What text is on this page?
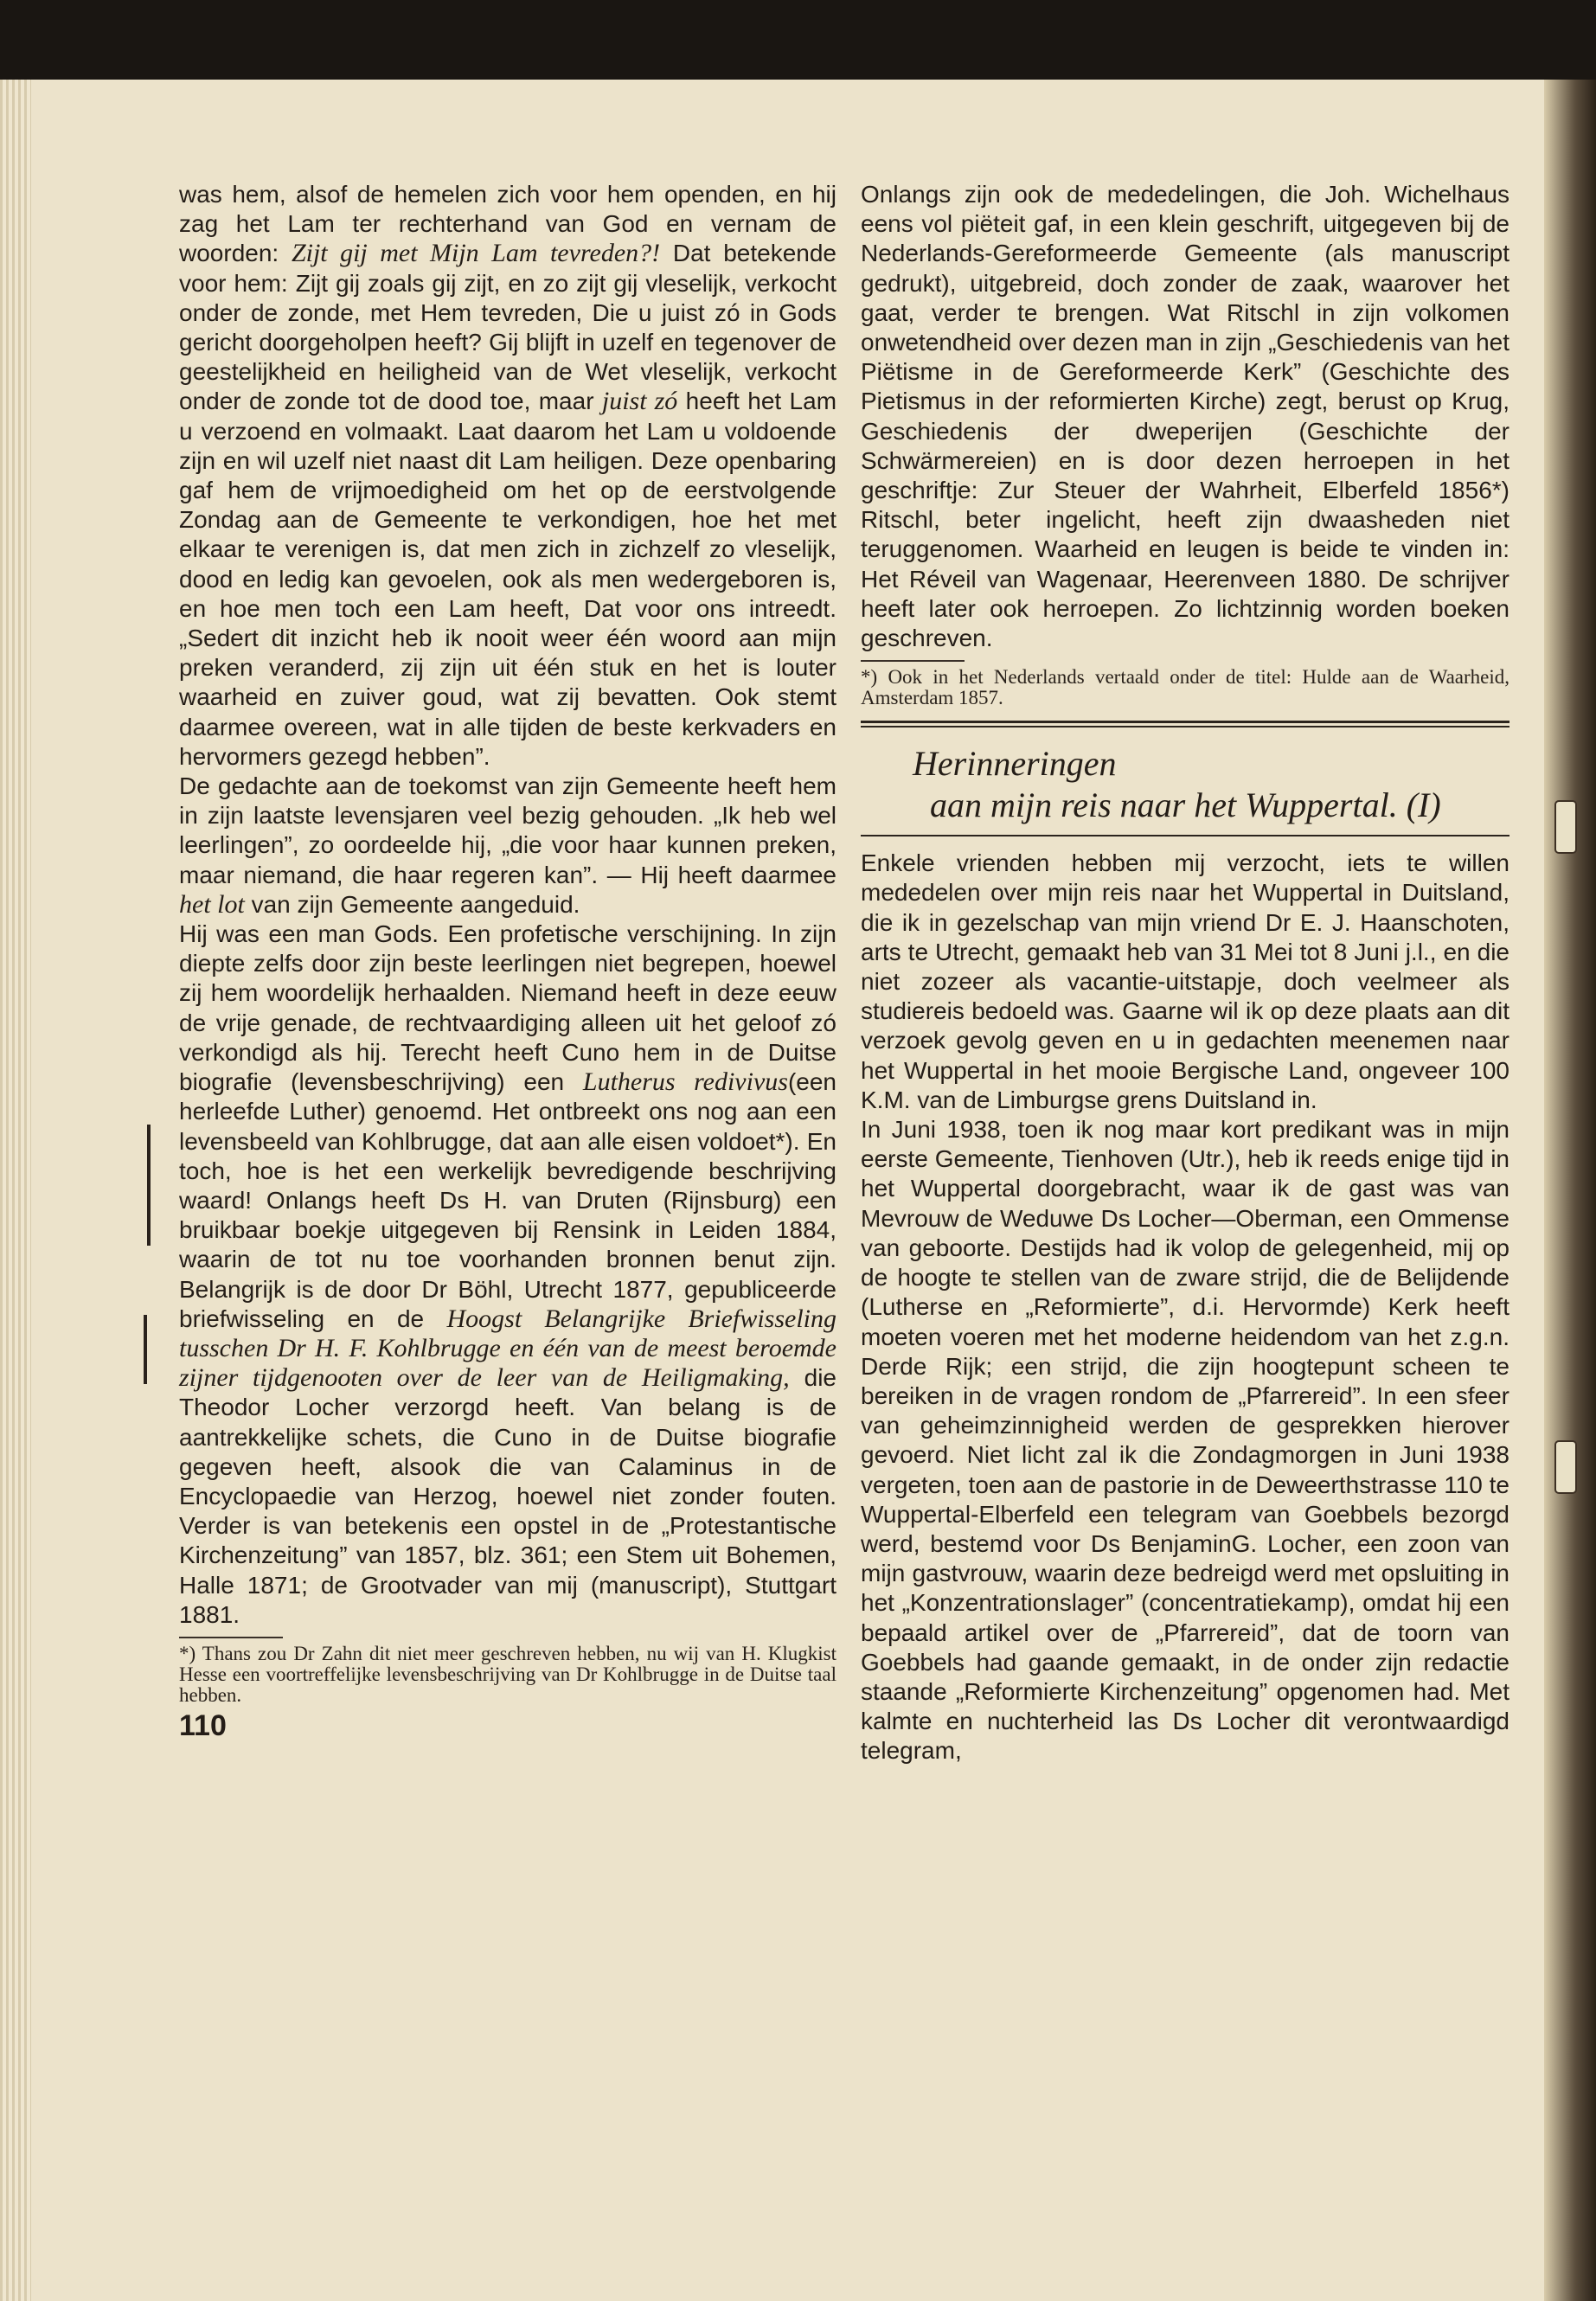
was hem, alsof de hemelen zich voor hem openden, en hij zag het Lam ter rechterhand van God en vernam de woorden: Zijt gij met Mijn Lam tevreden?! Dat betekende voor hem: Zijt gij zoals gij zijt, en zo zijt gij vleselijk, verkocht onder de zonde, met Hem tevreden, Die u juist zó in Gods gericht doorgeholpen heeft? Gij blijft in uzelf en tegenover de geestelijkheid en heiligheid van de Wet vleselijk, verkocht onder de zonde tot de dood toe, maar juist zó heeft het Lam u verzoend en volmaakt. Laat daarom het Lam u voldoende zijn en wil uzelf niet naast dit Lam heiligen. Deze openbaring gaf hem de vrijmoedigheid om het op de eerstvolgende Zondag aan de Gemeente te verkondigen, hoe het met elkaar te verenigen is, dat men zich in zichzelf zo vleselijk, dood en ledig kan gevoelen, ook als men wedergeboren is, en hoe men toch een Lam heeft, Dat voor ons intreedt. „Sedert dit inzicht heb ik nooit weer één woord aan mijn preken veranderd, zij zijn uit één stuk en het is louter waarheid en zuiver goud, wat zij bevatten. Ook stemt daarmee overeen, wat in alle tijden de beste kerkvaders en hervormers gezegd hebben”.

De gedachte aan de toekomst van zijn Gemeente heeft hem in zijn laatste levensjaren veel bezig gehouden. „Ik heb wel leerlingen”, zo oordeelde hij, „die voor haar kunnen preken, maar niemand, die haar regeren kan”. — Hij heeft daarmee het lot van zijn Gemeente aangeduid.

Hij was een man Gods. Een profetische verschijning. In zijn diepte zelfs door zijn beste leerlingen niet begrepen, hoewel zij hem woordelijk herhaalden. Niemand heeft in deze eeuw de vrije genade, de rechtvaardiging alleen uit het geloof zó verkondigd als hij. Terecht heeft Cuno hem in de Duitse biografie (levensbeschrijving) een Lutherus redivivus(een herleefde Luther) genoemd. Het ontbreekt ons nog aan een levensbeeld van Kohlbrugge, dat aan alle eisen voldoet*). En toch, hoe is het een werkelijk bevredigende beschrijving waard! Onlangs heeft Ds H. van Druten (Rijnsburg) een bruikbaar boekje uitgegeven bij Rensink in Leiden 1884, waarin de tot nu toe voorhanden bronnen benut zijn. Belangrijk is de door Dr Böhl, Utrecht 1877, gepubliceerde briefwisseling en de Hoogst Belangrijke Briefwisseling tusschen Dr H. F. Kohlbrugge en één van de meest beroemde zijner tijdgenooten over de leer van de Heiligmaking, die Theodor Locher verzorgd heeft. Van belang is de aantrekkelijke schets, die Cuno in de Duitse biografie gegeven heeft, alsook die van Calaminus in de Encyclopaedie van Herzog, hoewel niet zonder fouten. Verder is van betekenis een opstel in de „Protestantische Kirchenzeitung” van 1857, blz. 361; een Stem uit Bohemen, Halle 1871; de Grootvader van mij (manuscript), Stuttgart 1881.

*) Thans zou Dr Zahn dit niet meer geschreven hebben, nu wij van H. Klugkist Hesse een voortreffelijke levensbeschrijving van Dr Kohlbrugge in de Duitse taal hebben.

110

Onlangs zijn ook de mededelingen, die Joh. Wichelhaus eens vol piëteit gaf, in een klein geschrift, uitgegeven bij de Nederlands-Gereformeerde Gemeente (als manuscript gedrukt), uitgebreid, doch zonder de zaak, waarover het gaat, verder te brengen. Wat Ritschl in zijn volkomen onwetendheid over dezen man in zijn „Geschiedenis van het Piëtisme in de Gereformeerde Kerk” (Geschichte des Pietismus in der reformierten Kirche) zegt, berust op Krug, Geschiedenis der dweperijen (Geschichte der Schwärmereien) en is door dezen herroepen in het geschriftje: Zur Steuer der Wahrheit, Elberfeld 1856*) Ritschl, beter ingelicht, heeft zijn dwaasheden niet teruggenomen. Waarheid en leugen is beide te vinden in: Het Réveil van Wagenaar, Heerenveen 1880. De schrijver heeft later ook herroepen. Zo lichtzinnig worden boeken geschreven.

*) Ook in het Nederlands vertaald onder de titel: Hulde aan de Waarheid, Amsterdam 1857.

Herinneringen
aan mijn reis naar het Wuppertal. (I)

Enkele vrienden hebben mij verzocht, iets te willen mededelen over mijn reis naar het Wuppertal in Duitsland, die ik in gezelschap van mijn vriend Dr E. J. Haanschoten, arts te Utrecht, gemaakt heb van 31 Mei tot 8 Juni j.l., en die niet zozeer als vacantie-uitstapje, doch veelmeer als studiereis bedoeld was. Gaarne wil ik op deze plaats aan dit verzoek gevolg geven en u in gedachten meenemen naar het Wuppertal in het mooie Bergische Land, ongeveer 100 K.M. van de Limburgse grens Duitsland in.

In Juni 1938, toen ik nog maar kort predikant was in mijn eerste Gemeente, Tienhoven (Utr.), heb ik reeds enige tijd in het Wuppertal doorgebracht, waar ik de gast was van Mevrouw de Weduwe Ds Locher—Oberman, een Ommense van geboorte. Destijds had ik volop de gelegenheid, mij op de hoogte te stellen van de zware strijd, die de Belijdende (Lutherse en „Reformierte”, d.i. Hervormde) Kerk heeft moeten voeren met het moderne heidendom van het z.g.n. Derde Rijk; een strijd, die zijn hoogtepunt scheen te bereiken in de vragen rondom de „Pfarrereid”. In een sfeer van geheimzinnigheid werden de gesprekken hierover gevoerd. Niet licht zal ik die Zondagmorgen in Juni 1938 vergeten, toen aan de pastorie in de Deweerthstrasse 110 te Wuppertal-Elberfeld een telegram van Goebbels bezorgd werd, bestemd voor Ds BenjaminG. Locher, een zoon van mijn gastvrouw, waarin deze bedreigd werd met opsluiting in het „Konzentrationslager” (concentratiekamp), omdat hij een bepaald artikel over de „Pfarrereid”, dat de toorn van Goebbels had gaande gemaakt, in de onder zijn redactie staande „Reformierte Kirchenzeitung” opgenomen had. Met kalmte en nuchterheid las Ds Locher dit verontwaardigd telegram,
